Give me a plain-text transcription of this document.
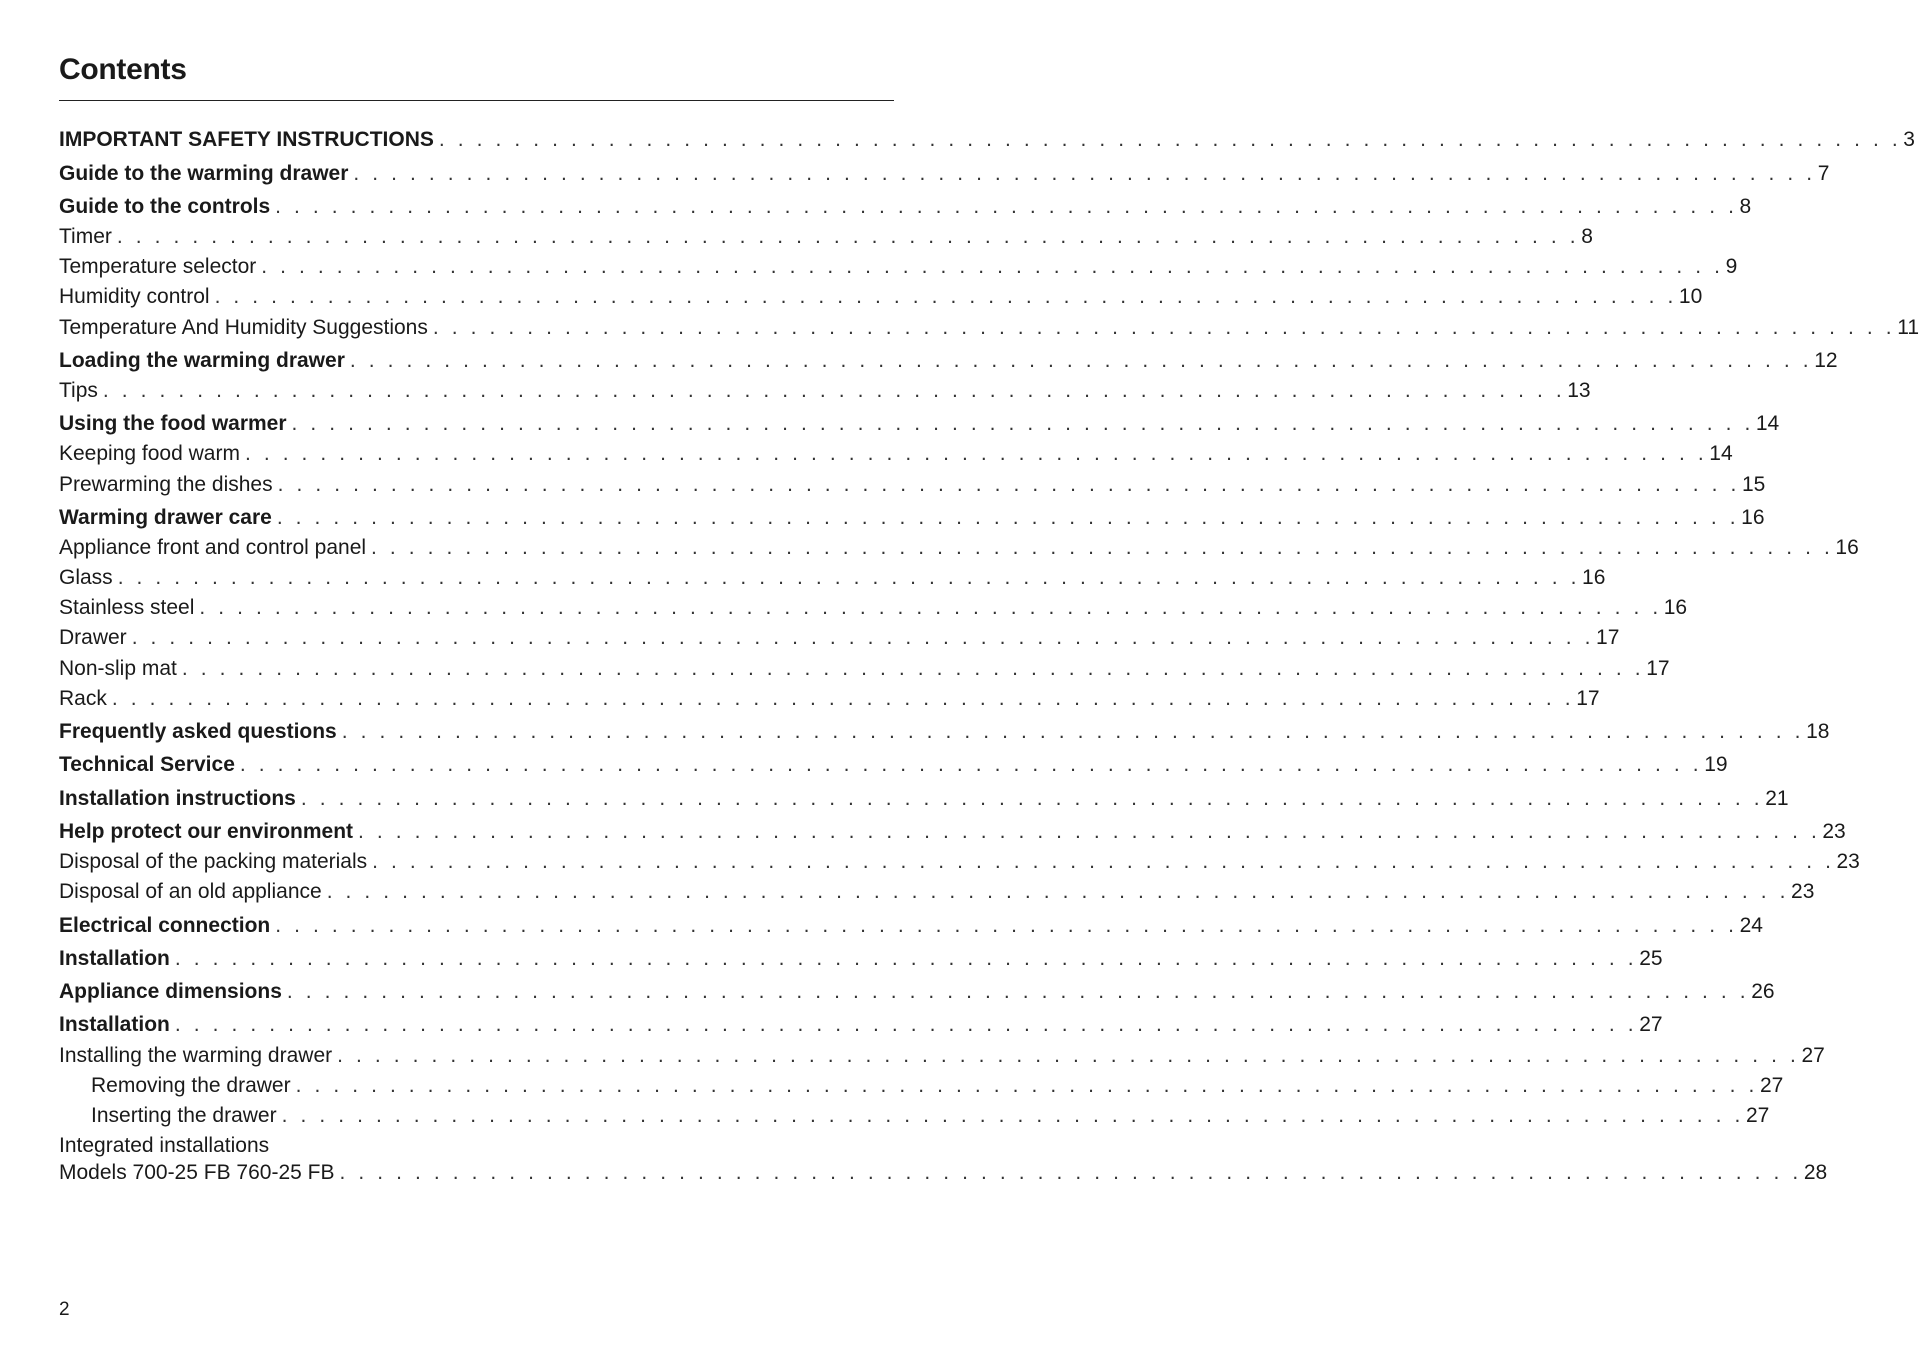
Contents
IMPORTANT SAFETY INSTRUCTIONS . . . . . . . . . . . . . . . . . . . . . . . . . . . . . . . . . . . . . . . . . . . . . . . . . . . . . . . . . . . . . . . . . . . . . . . . . . . . . . 3
Guide to the warming drawer . . . . . . . . . . . . . . . . . . . . . . . . . . . . . . . . . . . . . . . . . . . . . . . . . . . . . . . . . . . . . . . . . . . . . . . . . . . . . . 7
Guide to the controls . . . . . . . . . . . . . . . . . . . . . . . . . . . . . . . . . . . . . . . . . . . . . . . . . . . . . . . . . . . . . . . . . . . . . . . . . . . . . . 8
Timer . . . . . . . . . . . . . . . . . . . . . . . . . . . . . . . . . . . . . . . . . . . . . . . . . . . . . . . . . . . . . . . . . . . . . . . . . . . . . . 8
Temperature selector . . . . . . . . . . . . . . . . . . . . . . . . . . . . . . . . . . . . . . . . . . . . . . . . . . . . . . . . . . . . . . . . . . . . . . . . . . . . . . 9
Humidity control . . . . . . . . . . . . . . . . . . . . . . . . . . . . . . . . . . . . . . . . . . . . . . . . . . . . . . . . . . . . . . . . . . . . . . . . . . . . . . 10
Temperature And Humidity Suggestions . . . . . . . . . . . . . . . . . . . . . . . . . . . . . . . . . . . . . . . . . . . . . . . . . . . . . . . . . . . . . . . . . . . . . . . . . . . . . . 11
Loading the warming drawer . . . . . . . . . . . . . . . . . . . . . . . . . . . . . . . . . . . . . . . . . . . . . . . . . . . . . . . . . . . . . . . . . . . . . . . . . . . . . . 12
Tips . . . . . . . . . . . . . . . . . . . . . . . . . . . . . . . . . . . . . . . . . . . . . . . . . . . . . . . . . . . . . . . . . . . . . . . . . . . . . . 13
Using the food warmer . . . . . . . . . . . . . . . . . . . . . . . . . . . . . . . . . . . . . . . . . . . . . . . . . . . . . . . . . . . . . . . . . . . . . . . . . . . . . . 14
Keeping food warm . . . . . . . . . . . . . . . . . . . . . . . . . . . . . . . . . . . . . . . . . . . . . . . . . . . . . . . . . . . . . . . . . . . . . . . . . . . . . . 14
Prewarming the dishes . . . . . . . . . . . . . . . . . . . . . . . . . . . . . . . . . . . . . . . . . . . . . . . . . . . . . . . . . . . . . . . . . . . . . . . . . . . . . . 15
Warming drawer care . . . . . . . . . . . . . . . . . . . . . . . . . . . . . . . . . . . . . . . . . . . . . . . . . . . . . . . . . . . . . . . . . . . . . . . . . . . . . . 16
Appliance front and control panel . . . . . . . . . . . . . . . . . . . . . . . . . . . . . . . . . . . . . . . . . . . . . . . . . . . . . . . . . . . . . . . . . . . . . . . . . . . . . . 16
Glass . . . . . . . . . . . . . . . . . . . . . . . . . . . . . . . . . . . . . . . . . . . . . . . . . . . . . . . . . . . . . . . . . . . . . . . . . . . . . . 16
Stainless steel . . . . . . . . . . . . . . . . . . . . . . . . . . . . . . . . . . . . . . . . . . . . . . . . . . . . . . . . . . . . . . . . . . . . . . . . . . . . . . 16
Drawer . . . . . . . . . . . . . . . . . . . . . . . . . . . . . . . . . . . . . . . . . . . . . . . . . . . . . . . . . . . . . . . . . . . . . . . . . . . . . . 17
Non-slip mat . . . . . . . . . . . . . . . . . . . . . . . . . . . . . . . . . . . . . . . . . . . . . . . . . . . . . . . . . . . . . . . . . . . . . . . . . . . . . . 17
Rack . . . . . . . . . . . . . . . . . . . . . . . . . . . . . . . . . . . . . . . . . . . . . . . . . . . . . . . . . . . . . . . . . . . . . . . . . . . . . . 17
Frequently asked questions . . . . . . . . . . . . . . . . . . . . . . . . . . . . . . . . . . . . . . . . . . . . . . . . . . . . . . . . . . . . . . . . . . . . . . . . . . . . . . 18
Technical Service . . . . . . . . . . . . . . . . . . . . . . . . . . . . . . . . . . . . . . . . . . . . . . . . . . . . . . . . . . . . . . . . . . . . . . . . . . . . . . 19
Installation instructions . . . . . . . . . . . . . . . . . . . . . . . . . . . . . . . . . . . . . . . . . . . . . . . . . . . . . . . . . . . . . . . . . . . . . . . . . . . . . . 21
Help protect our environment . . . . . . . . . . . . . . . . . . . . . . . . . . . . . . . . . . . . . . . . . . . . . . . . . . . . . . . . . . . . . . . . . . . . . . . . . . . . . . 23
Disposal of the packing materials . . . . . . . . . . . . . . . . . . . . . . . . . . . . . . . . . . . . . . . . . . . . . . . . . . . . . . . . . . . . . . . . . . . . . . . . . . . . . . 23
Disposal of an old appliance . . . . . . . . . . . . . . . . . . . . . . . . . . . . . . . . . . . . . . . . . . . . . . . . . . . . . . . . . . . . . . . . . . . . . . . . . . . . . . 23
Electrical connection . . . . . . . . . . . . . . . . . . . . . . . . . . . . . . . . . . . . . . . . . . . . . . . . . . . . . . . . . . . . . . . . . . . . . . . . . . . . . . 24
Installation . . . . . . . . . . . . . . . . . . . . . . . . . . . . . . . . . . . . . . . . . . . . . . . . . . . . . . . . . . . . . . . . . . . . . . . . . . . . . . 25
Appliance dimensions . . . . . . . . . . . . . . . . . . . . . . . . . . . . . . . . . . . . . . . . . . . . . . . . . . . . . . . . . . . . . . . . . . . . . . . . . . . . . . 26
Installation . . . . . . . . . . . . . . . . . . . . . . . . . . . . . . . . . . . . . . . . . . . . . . . . . . . . . . . . . . . . . . . . . . . . . . . . . . . . . . 27
Installing the warming drawer . . . . . . . . . . . . . . . . . . . . . . . . . . . . . . . . . . . . . . . . . . . . . . . . . . . . . . . . . . . . . . . . . . . . . . . . . . . . . . 27
Removing the drawer . . . . . . . . . . . . . . . . . . . . . . . . . . . . . . . . . . . . . . . . . . . . . . . . . . . . . . . . . . . . . . . . . . . . . . . . . . . . . . 27
Inserting the drawer . . . . . . . . . . . . . . . . . . . . . . . . . . . . . . . . . . . . . . . . . . . . . . . . . . . . . . . . . . . . . . . . . . . . . . . . . . . . . . 27
Integrated installations
Models 700-25 FB 760-25 FB . . . . . . . . . . . . . . . . . . . . . . . . . . . . . . . . . . . . . . . . . . . . . . . . . . . . . . . . . . . . . . . . . . . . . . . . . . . . . . 28
2
